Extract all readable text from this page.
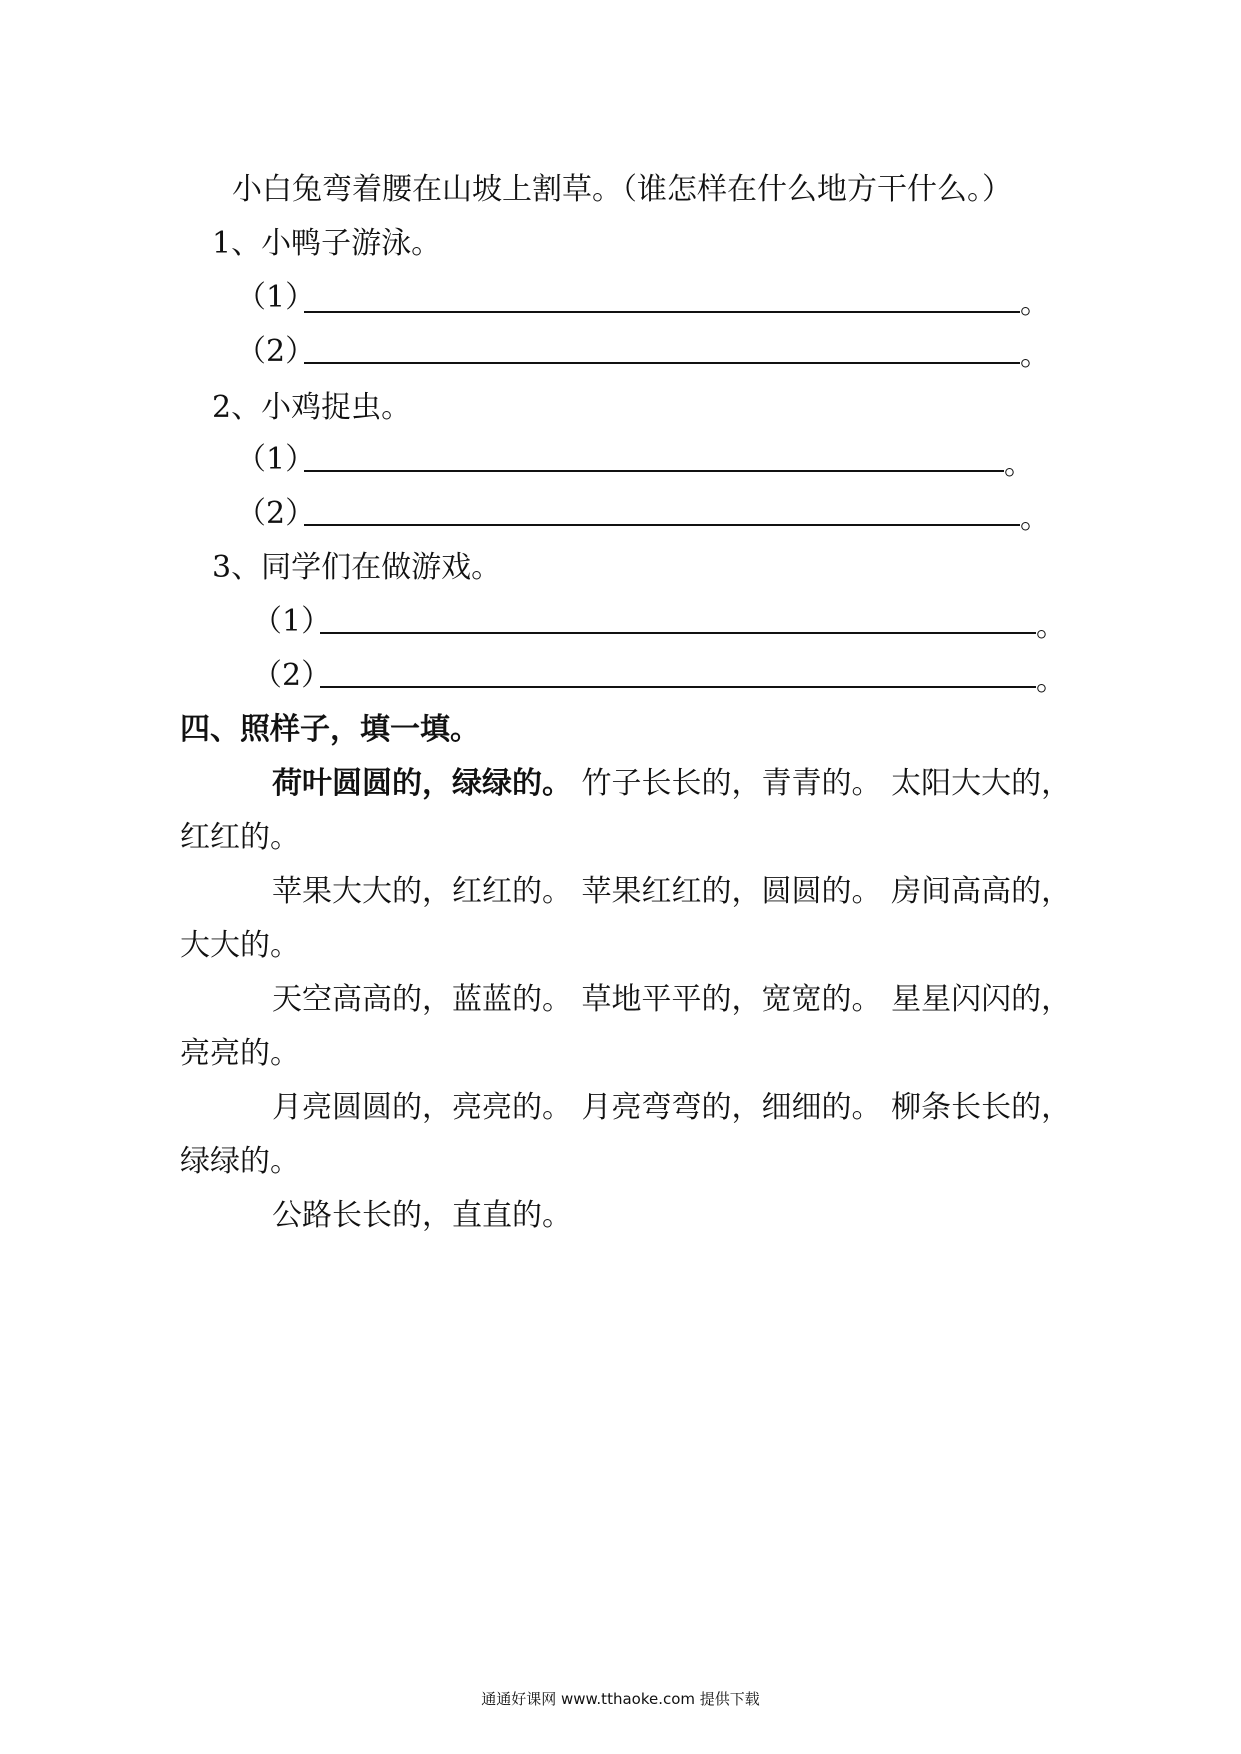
小白兔弯着腰在山坡上割草。（谁怎样在什么地方干什么。）
1、小鸭子游泳。
（1）	。
（2）	。
2、小鸡捉虫。
（1）	。
（2）	。
3、同学们在做游戏。
（1）	。
（2）	。
四、照样子，填一填。
荷叶圆圆的，绿绿的。 竹子长长的，青青的。 太阳大大的，
红红的。
苹果大大的，红红的。 苹果红红的，圆圆的。 房间高高的，
大大的。
天空高高的，蓝蓝的。 草地平平的，宽宽的。 星星闪闪的，
亮亮的。
月亮圆圆的，亮亮的。 月亮弯弯的，细细的。 柳条长长的，
绿绿的。
公路长长的，直直的。
通通好课网 www.tthaoke.com 提供下载
